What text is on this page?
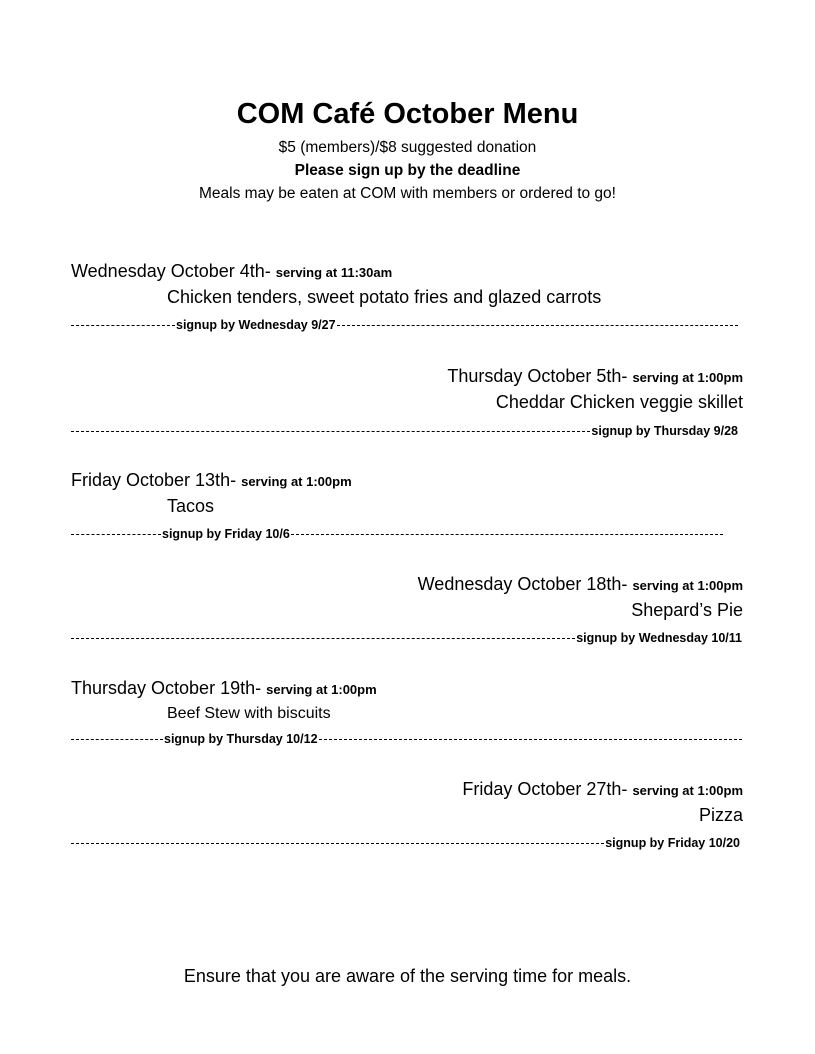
COM Café October Menu
$5 (members)/$8 suggested donation
Please sign up by the deadline
Meals may be eaten at COM with members or ordered to go!
Wednesday October 4th- serving at 11:30am
Chicken tenders, sweet potato fries and glazed carrots
signup by Wednesday 9/27
Thursday October 5th- serving at 1:00pm
Cheddar Chicken veggie skillet
signup by Thursday 9/28
Friday October 13th- serving at 1:00pm
Tacos
signup by Friday 10/6
Wednesday October 18th- serving at 1:00pm
Shepard’s Pie
signup by Wednesday 10/11
Thursday October 19th- serving at 1:00pm
Beef Stew with biscuits
signup by Thursday 10/12
Friday October 27th- serving at 1:00pm
Pizza
signup by Friday 10/20
Ensure that you are aware of the serving time for meals.
